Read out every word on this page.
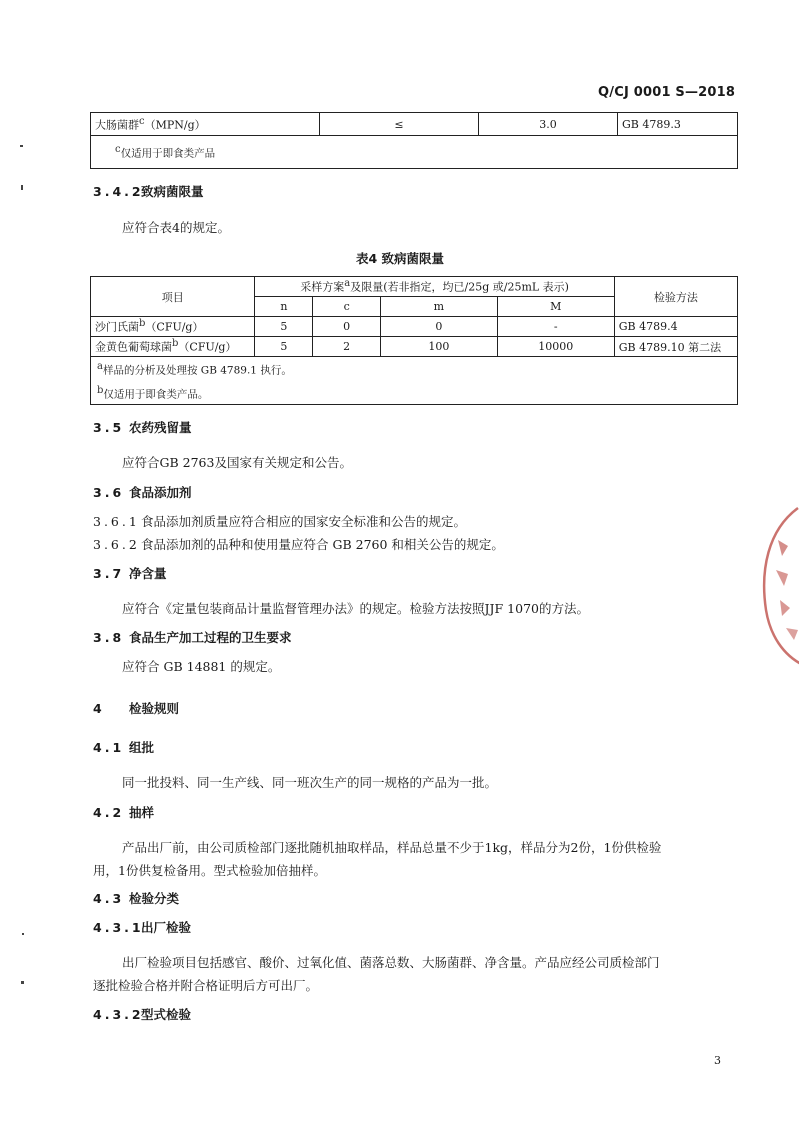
Q/CJ 0001 S—2018
大肠菌群$^c$（MPN/g）	≤	3.0	GB 4789.3
$^c$仅适用于即食类产品
3.4.2致病菌限量
应符合表4的规定。
表4 致病菌限量
项目	采样方案$^a$及限量(若非指定，均已/25g 或/25mL 表示)				检验方法
	n	c	m	M	
沙门氏菌$^b$（CFU/g）	5	0	0	-	GB 4789.4
金黄色葡萄球菌$^b$（CFU/g）	5	2	100	10000	GB 4789.10 第二法

$^a$样品的分析及处理按 GB 4789.1 执行。
$^b$仅适用于即食类产品。					
3.5 农药残留量
应符合GB 2763及国家有关规定和公告。
3.6 食品添加剂
3.6.1食品添加剂质量应符合相应的国家安全标准和公告的规定。
3.6.2食品添加剂的品种和使用量应符合 GB 2760 和相关公告的规定。
3.7 净含量
应符合《定量包装商品计量监督管理办法》的规定。检验方法按照JJF 1070的方法。
3.8 食品生产加工过程的卫生要求
应符合 GB 14881 的规定。
4 检验规则
4.1 组批
同一批投料、同一生产线、同一班次生产的同一规格的产品为一批。
4.2 抽样
产品出厂前，由公司质检部门逐批随机抽取样品，样品总量不少于1kg，样品分为2份，1份供检验
用，1份供复检备用。型式检验加倍抽样。
4.3 检验分类
4.3.1出厂检验
出厂检验项目包括感官、酸价、过氧化值、菌落总数、大肠菌群、净含量。产品应经公司质检部门
逐批检验合格并附合格证明后方可出厂。
4.3.2型式检验
3
